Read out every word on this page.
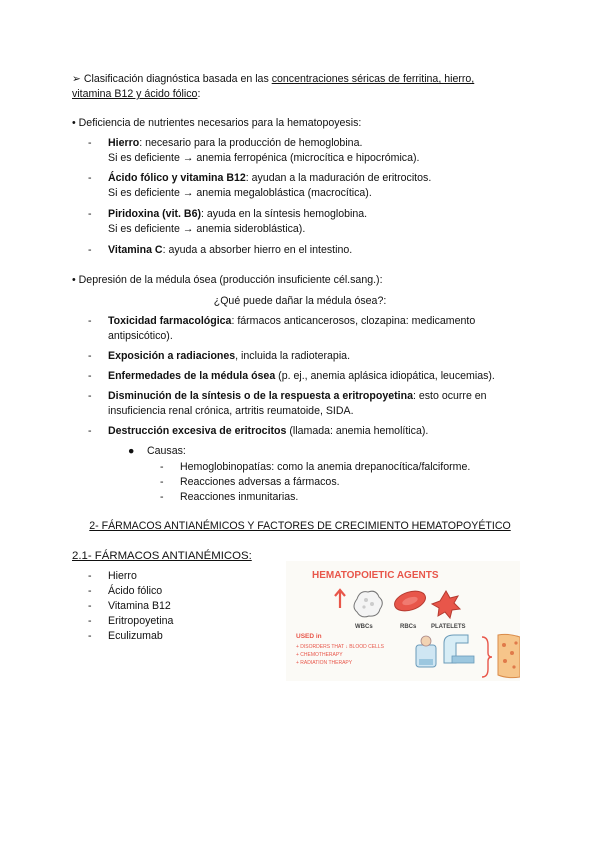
➢ Clasificación diagnóstica basada en las concentraciones séricas de ferritina, hierro,
vitamina B12 y ácido fólico:
• Deficiencia de nutrientes necesarios para la hematopoyesis:
- Hierro: necesario para la producción de hemoglobina.
Si es deficiente → anemia ferropénica (microcítica e hipocrómica).
- Ácido fólico y vitamina B12: ayudan a la maduración de eritrocitos.
Si es deficiente → anemia megaloblástica (macrocítica).
- Piridoxina (vit. B6): ayuda en la síntesis hemoglobina.
Si es deficiente → anemia sideroblástica).
- Vitamina C: ayuda a absorber hierro en el intestino.
• Depresión de la médula ósea (producción insuficiente cél.sang.):
¿Qué puede dañar la médula ósea?:
- Toxicidad farmacológica: fármacos anticancerosos, clozapina: medicamento antipsicótico).
- Exposición a radiaciones, incluida la radioterapia.
- Enfermedades de la médula ósea (p. ej., anemia aplásica idiopática, leucemias).
- Disminución de la síntesis o de la respuesta a eritropoyetina: esto ocurre en insuficiencia renal crónica, artritis reumatoide, SIDA.
- Destrucción excesiva de eritrocitos (llamada: anemia hemolítica).
● Causas:
- Hemoglobinopatías: como la anemia drepanocítica/falciforme.
- Reacciones adversas a fármacos.
- Reacciones inmunitarias.
2- FÁRMACOS ANTIANÉMICOS Y FACTORES DE CRECIMIENTO HEMATOPOYÉTICO
2.1- FÁRMACOS ANTIANÉMICOS:
- Hierro
- Ácido fólico
- Vitamina B12
- Eritropoyetina
- Eculizumab
HEMATOPOIETIC AGENTS
WBCs	RBCs PLATELETS
USED in
+ DISORDERS THAT ↓ BLOOD CELLS
+ CHEMOTHERAPY
+ RADIATION THERAPY
